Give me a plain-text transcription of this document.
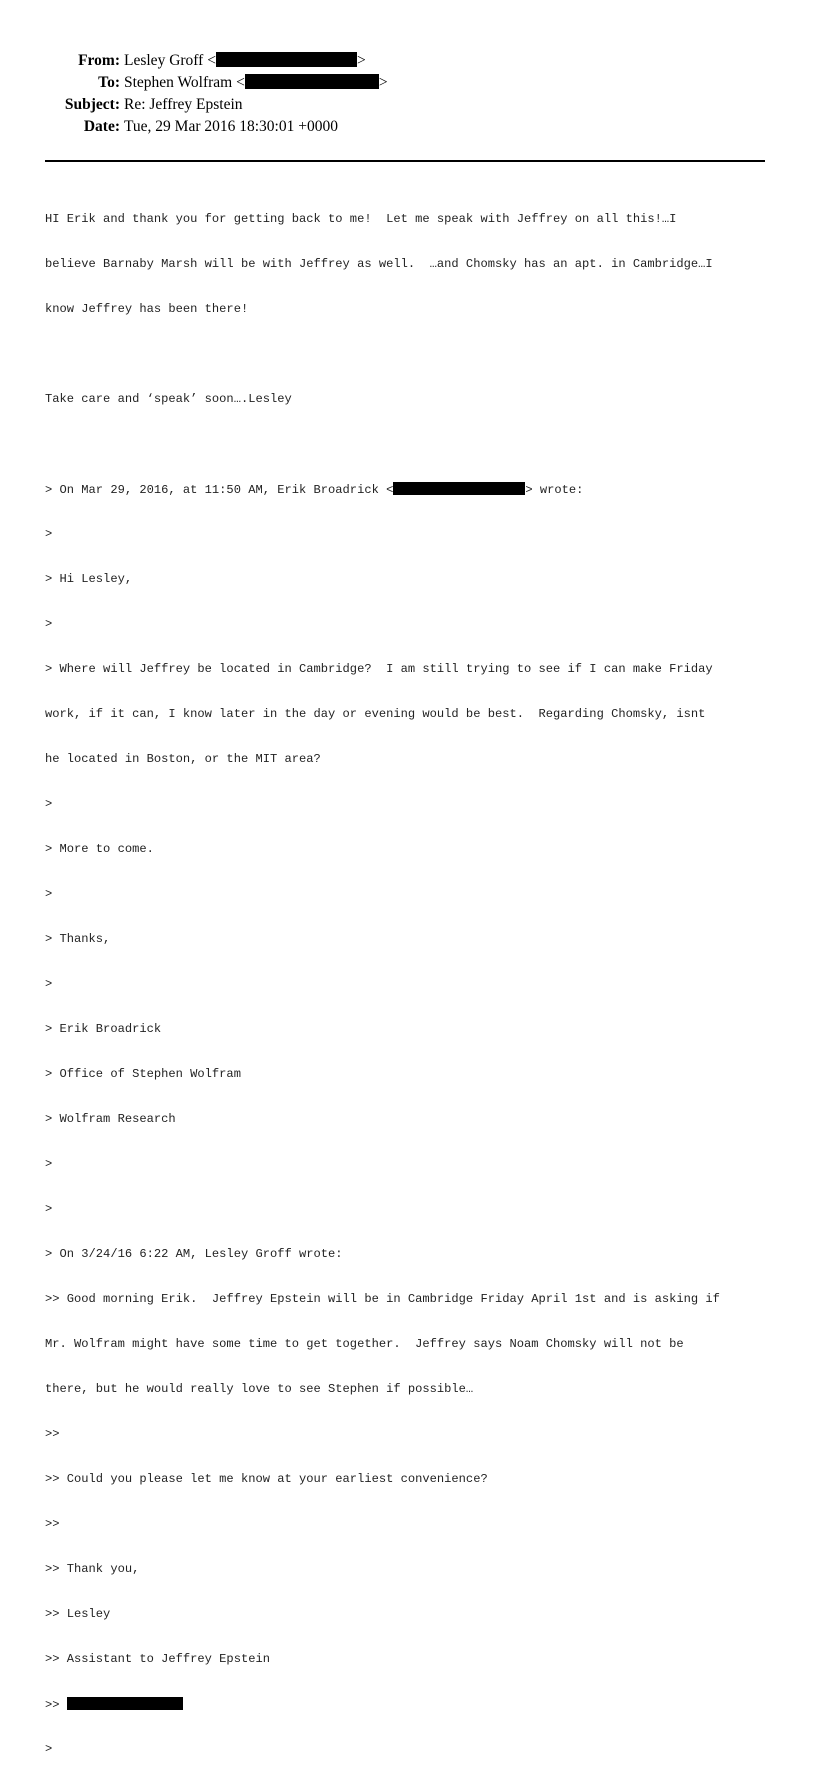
From: Lesley Groff <	>
To: Stephen Wolfram <	>
Subject: Re: Jeffrey Epstein
Date: Tue, 29 Mar 2016 18:30:01 +0000

HI Erik and thank you for getting back to me!  Let me speak with Jeffrey on all this!…I

believe Barnaby Marsh will be with Jeffrey as well.  …and Chomsky has an apt. in Cambridge…I

know Jeffrey has been there!

Take care and ‘speak’ soon….Lesley

> On Mar 29, 2016, at 11:50 AM, Erik Broadrick <	> wrote:

>

> Hi Lesley,

>

> Where will Jeffrey be located in Cambridge?  I am still trying to see if I can make Friday

work, if it can, I know later in the day or evening would be best.  Regarding Chomsky, isnt

he located in Boston, or the MIT area?

>

> More to come.

>

> Thanks,

>

> Erik Broadrick

> Office of Stephen Wolfram

> Wolfram Research

>

>

> On 3/24/16 6:22 AM, Lesley Groff wrote:

>> Good morning Erik.  Jeffrey Epstein will be in Cambridge Friday April 1st and is asking if

Mr. Wolfram might have some time to get together.  Jeffrey says Noam Chomsky will not be

there, but he would really love to see Stephen if possible…

>>

>> Could you please let me know at your earliest convenience?

>>

>> Thank you,

>> Lesley

>> Assistant to Jeffrey Epstein

>>

>
